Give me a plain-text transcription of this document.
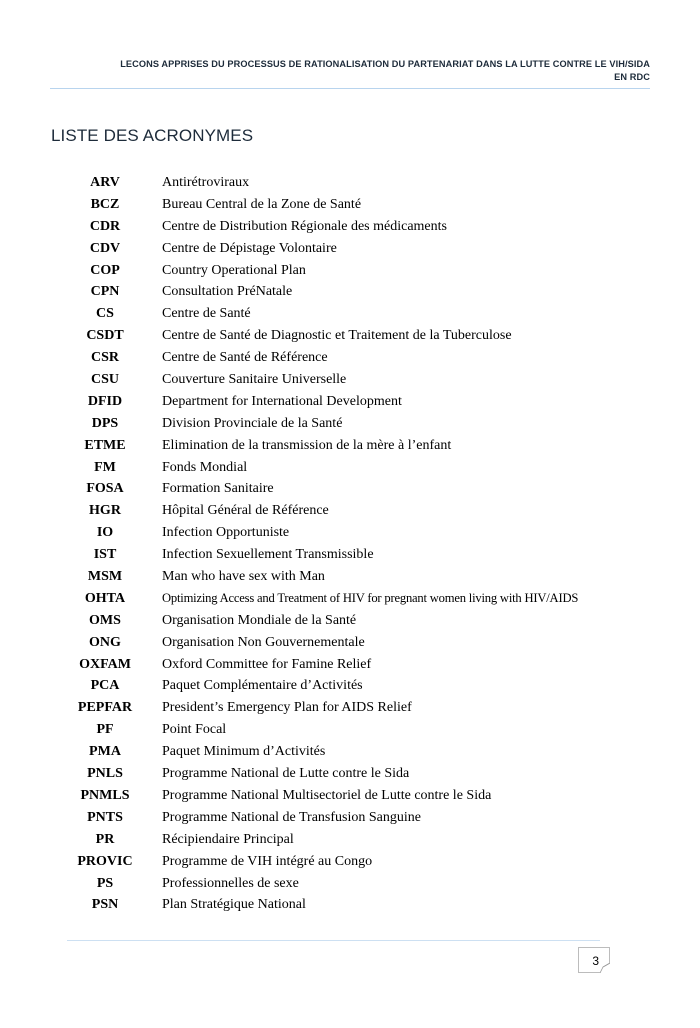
LECONS APPRISES DU PROCESSUS DE RATIONALISATION DU PARTENARIAT DANS LA LUTTE CONTRE LE VIH/SIDA
EN RDC
LISTE DES ACRONYMES
ARV	Antirétroviraux
BCZ	Bureau Central de la Zone de Santé
CDR	Centre de Distribution Régionale des médicaments
CDV	Centre de Dépistage Volontaire
COP	Country Operational Plan
CPN	Consultation PréNatale
CS	Centre de Santé
CSDT	Centre de Santé de Diagnostic et Traitement de la Tuberculose
CSR	Centre de Santé de Référence
CSU	Couverture Sanitaire Universelle
DFID	Department for International Development
DPS	Division Provinciale de la Santé
ETME	Elimination de la transmission de la mère à l’enfant
FM	Fonds Mondial
FOSA	Formation Sanitaire
HGR	Hôpital Général de Référence
IO	Infection Opportuniste
IST	Infection Sexuellement Transmissible
MSM	Man who have sex with Man
OHTA	Optimizing Access and Treatment of HIV for pregnant women living with HIV/AIDS
OMS	Organisation Mondiale de la Santé
ONG	Organisation Non Gouvernementale
OXFAM	Oxford Committee for Famine Relief
PCA	Paquet Complémentaire d’Activités
PEPFAR	President’s Emergency Plan for AIDS Relief
PF	Point Focal
PMA	Paquet Minimum d’Activités
PNLS	Programme National de Lutte contre le Sida
PNMLS	Programme National Multisectoriel de Lutte contre le Sida
PNTS	Programme National de Transfusion Sanguine
PR	Récipiendaire Principal
PROVIC	Programme de VIH intégré au Congo
PS	Professionnelles de sexe
PSN	Plan Stratégique National
3
